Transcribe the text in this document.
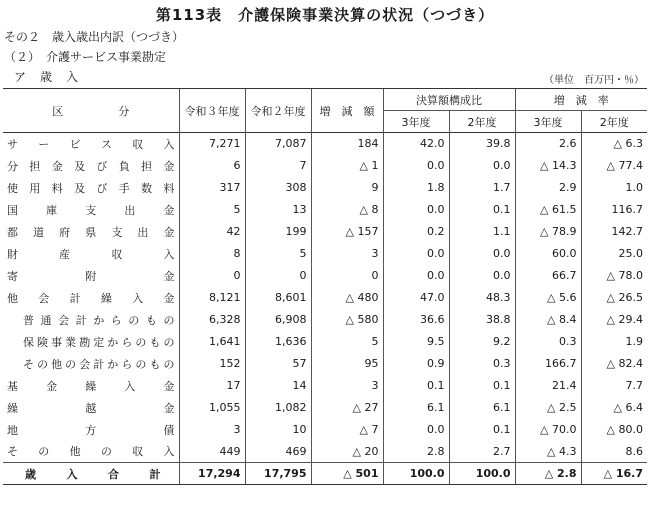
第113表　介護保険事業決算の状況（つづき）
その２　歳入歳出内訳（つづき）
（２）　介護サービス事業勘定
ア歳入	（単位　百万円・％）
区　　　　　分	令和３年度	令和２年度	増　減　額	決算額構成比		増　減　率	
				3年度	2年度	3年度	2年度
サービス収入	7,271	7,087	184	42.0	39.8	2.6	△ 6.3
分担金及び負担金	6	7	△ 1	0.0	0.0	△ 14.3	△ 77.4
使用料及び手数料	317	308	9	1.8	1.7	2.9	1.0
国庫支出金	5	13	△ 8	0.0	0.1	△ 61.5	116.7
都道府県支出金	42	199	△ 157	0.2	1.1	△ 78.9	142.7
財産収入	8	5	3	0.0	0.0	60.0	25.0
寄附金	0	0	0	0.0	0.0	66.7	△ 78.0
他会計繰入金	8,121	8,601	△ 480	47.0	48.3	△ 5.6	△ 26.5
普通会計からのもの	6,328	6,908	△ 580	36.6	38.8	△ 8.4	△ 29.4
保険事業勘定からのもの	1,641	1,636	5	9.5	9.2	0.3	1.9
その他の会計からのもの	152	57	95	0.9	0.3	166.7	△ 82.4
基金繰入金	17	14	3	0.1	0.1	21.4	7.7
繰越金	1,055	1,082	△ 27	6.1	6.1	△ 2.5	△ 6.4
地方債	3	10	△ 7	0.0	0.1	△ 70.0	△ 80.0
その他の収入	449	469	△ 20	2.8	2.7	△ 4.3	8.6
歳入合計	17,294	17,795	△ 501	100.0	100.0	△ 2.8	△ 16.7
